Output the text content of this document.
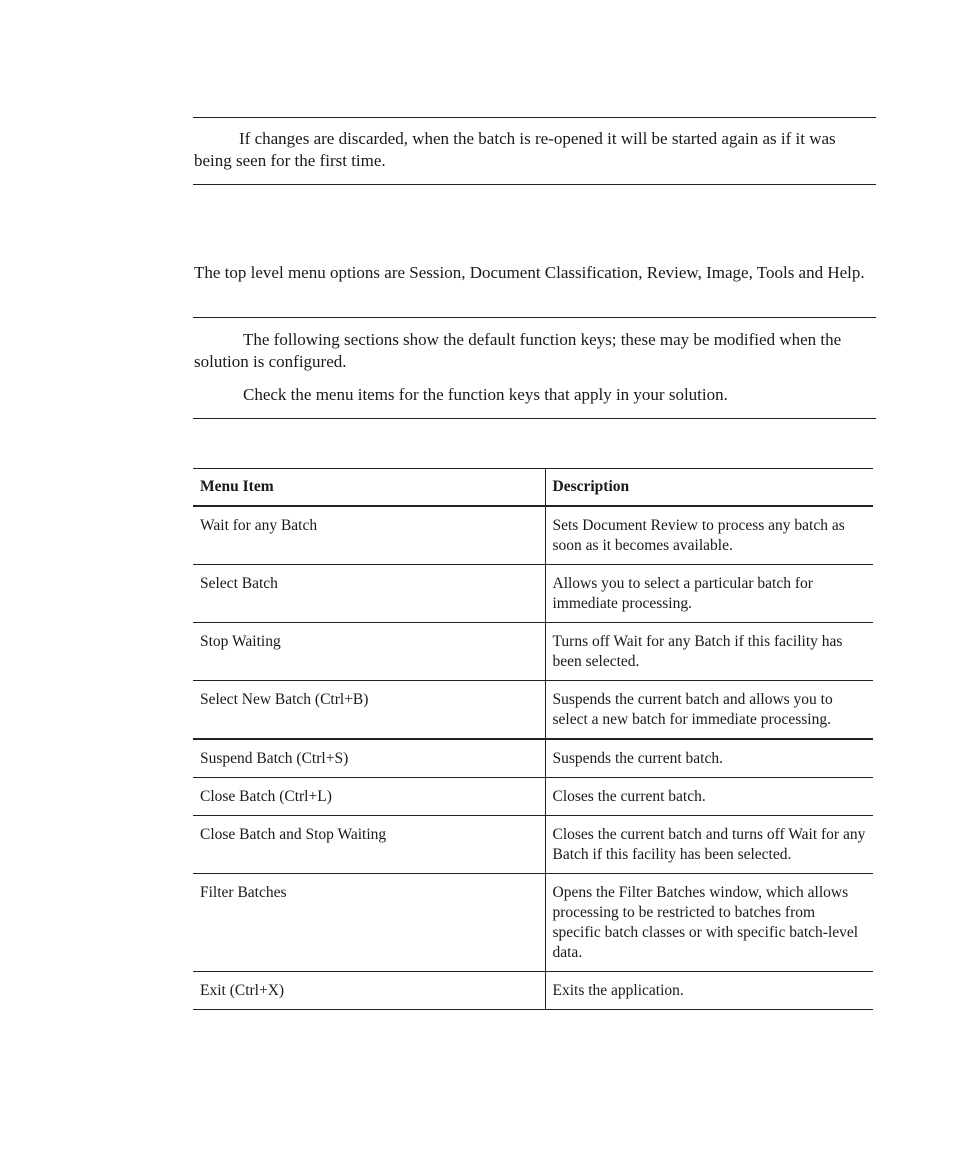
If changes are discarded, when the batch is re-opened it will be started again as if it was being seen for the first time.

The top level menu options are Session, Document Classification, Review, Image, Tools and Help.

The following sections show the default function keys; these may be modified when the solution is configured.

Check the menu items for the function keys that apply in your solution.

Menu Item	Description
Wait for any Batch	Sets Document Review to process any batch as soon as it becomes available.
Select Batch	Allows you to select a particular batch for immediate processing.
Stop Waiting	Turns off Wait for any Batch if this facility has been selected.
Select New Batch (Ctrl+B)	Suspends the current batch and allows you to select a new batch for immediate processing.
Suspend Batch (Ctrl+S)	Suspends the current batch.
Close Batch (Ctrl+L)	Closes the current batch.
Close Batch and Stop Waiting	Closes the current batch and turns off Wait for any Batch if this facility has been selected.
Filter Batches	Opens the Filter Batches window, which allows processing to be restricted to batches from specific batch classes or with specific batch-level data.
Exit (Ctrl+X)	Exits the application.
